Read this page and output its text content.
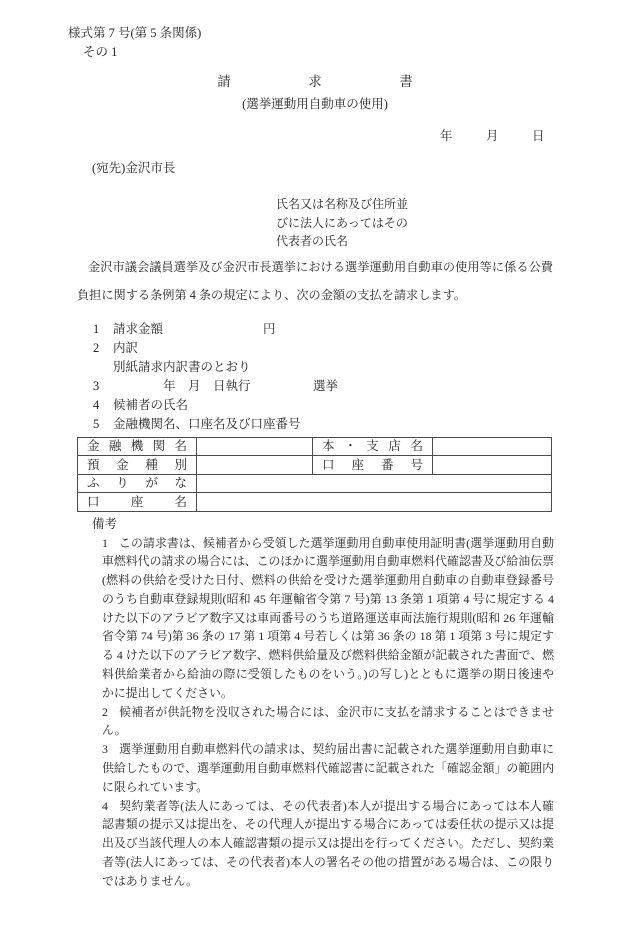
様式第 7 号(第 5 条関係)
その 1
請　求　書
(選挙運動用自動車の使用)
年　月　日
(宛先)金沢市長
氏名又は名称及び住所並
びに法人にあってはその
代表者の氏名

金沢市議会議員選挙及び金沢市長選挙における選挙運動用自動車の使用等に係る公費負担に関する条例第 4 条の規定により、次の金額の支払を請求します。

1 請求金額　　　　　　　　円
2 内訳
別紙請求内訳書のとおり
3　　　　年　月　日執行　　　　　選挙
4 候補者の氏名
5 金融機関名、口座名及び口座番号
金融機関名		本・支店名	
預金種別		口座番号	
ふりがな			
口座名			
備考

1 この請求書は、候補者から受領した選挙運動用自動車使用証明書(選挙運動用自動車燃料代の請求の場合には、このほかに選挙運動用自動車燃料代確認書及び給油伝票(燃料の供給を受けた日付、燃料の供給を受けた選挙運動用自動車の自動車登録番号のうち自動車登録規則(昭和 45 年運輸省令第 7 号)第 13 条第 1 項第 4 号に規定する 4 けた以下のアラビア数字又は車両番号のうち道路運送車両法施行規則(昭和 26 年運輸省令第 74 号)第 36 条の 17 第 1 項第 4 号若しくは第 36 条の 18 第 1 項第 3 号に規定する 4 けた以下のアラビア数字、燃料供給量及び燃料供給金額が記載された書面で、燃料供給業者から給油の際に受領したものをいう。)の写し)とともに選挙の期日後速やかに提出してください。

2 候補者が供託物を没収された場合には、金沢市に支払を請求することはできません。

3 選挙運動用自動車燃料代の請求は、契約届出書に記載された選挙運動用自動車に供給したもので、選挙運動用自動車燃料代確認書に記載された「確認金額」の範囲内に限られています。

4 契約業者等(法人にあっては、その代表者)本人が提出する場合にあっては本人確認書類の提示又は提出を、その代理人が提出する場合にあっては委任状の提示又は提出及び当該代理人の本人確認書類の提示又は提出を行ってください。ただし、契約業者等(法人にあっては、その代表者)本人の署名その他の措置がある場合は、この限りではありません。
